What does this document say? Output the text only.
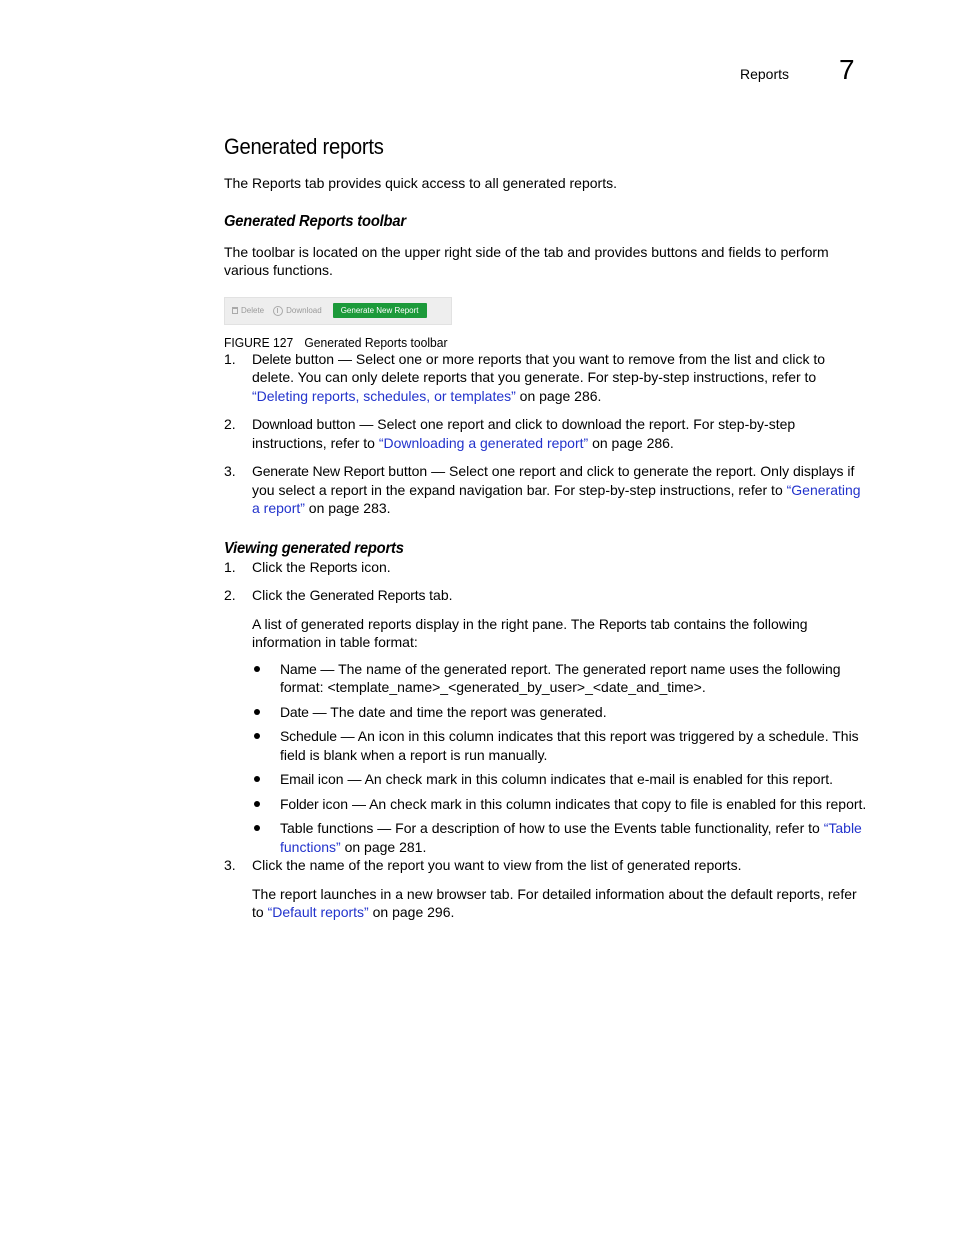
Reports 7
Generated reports

The Reports tab provides quick access to all generated reports.

Generated Reports toolbar

The toolbar is located on the upper right side of the tab and provides buttons and fields to perform various functions.

Delete	Download	Generate New Report
FIGURE 127 Generated Reports toolbar
1. Delete button — Select one or more reports that you want to remove from the list and click to delete. You can only delete reports that you generate. For step-by-step instructions, refer to “Deleting reports, schedules, or templates” on page 286.
2. Download button — Select one report and click to download the report. For step-by-step instructions, refer to “Downloading a generated report” on page 286.
3. Generate New Report button — Select one report and click to generate the report. Only displays if you select a report in the expand navigation bar. For step-by-step instructions, refer to “Generating a report” on page 283.
Viewing generated reports
1. Click the Reports icon.
2. Click the Generated Reports tab.

A list of generated reports display in the right pane. The Reports tab contains the following information in table format:

Name — The name of the generated report. The generated report name uses the following format: <template_name>_<generated_by_user>_<date_and_time>.
Date — The date and time the report was generated.
Schedule — An icon in this column indicates that this report was triggered by a schedule. This field is blank when a report is run manually.
Email icon — An check mark in this column indicates that e-mail is enabled for this report.
Folder icon — An check mark in this column indicates that copy to file is enabled for this report.
Table functions — For a description of how to use the Events table functionality, refer to “Table functions” on page 281.
3. Click the name of the report you want to view from the list of generated reports.

The report launches in a new browser tab. For detailed information about the default reports, refer to “Default reports” on page 296.
